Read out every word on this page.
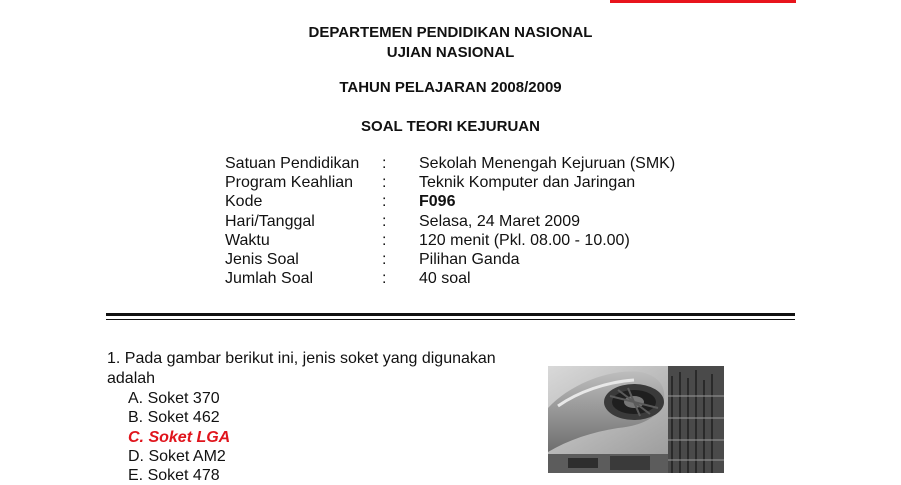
DEPARTEMEN PENDIDIKAN NASIONAL
UJIAN NASIONAL
TAHUN PELAJARAN 2008/2009
SOAL TEORI KEJURUAN
Satuan Pendidikan : Sekolah Menengah Kejuruan (SMK)
Program Keahlian : Teknik Komputer dan Jaringan
Kode	: F096
Hari/Tanggal	: Selasa, 24 Maret 2009
Waktu	: 120 menit (Pkl. 08.00 - 10.00)
Jenis Soal	: Pilihan Ganda
Jumlah Soal	: 40 soal
1. Pada gambar berikut ini, jenis soket yang digunakan
adalah
A. Soket 370
B. Soket 462
C. Soket LGA
D. Soket AM2
E. Soket 478
